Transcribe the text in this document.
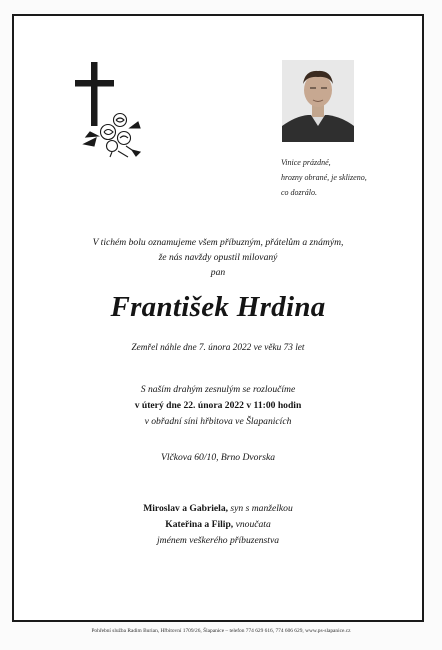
Vinice prázdné,
hrozny obrané, je sklizeno,
co dozrálo.
V tichém bolu oznamujeme všem příbuzným, přátelům a známým,
že nás navždy opustil milovaný
pan
František Hrdina
Zemřel náhle dne 7. února 2022 ve věku 73 let
S naším drahým zesnulým se rozloučíme
v úterý dne 22. února 2022 v 11:00 hodin
v obřadní síni hřbitova ve Šlapanicích
Vlčkova 60/10, Brno Dvorska
Miroslav a Gabriela, syn s manželkou
Kateřina a Filip, vnoučata
jménem veškerého příbuzenstva
Pohřební služba Radim Burian, Hřbitovní 1709/26, Šlapanice – telefon 774 629 616, 774 606 629, www.ps-slapanice.cz
